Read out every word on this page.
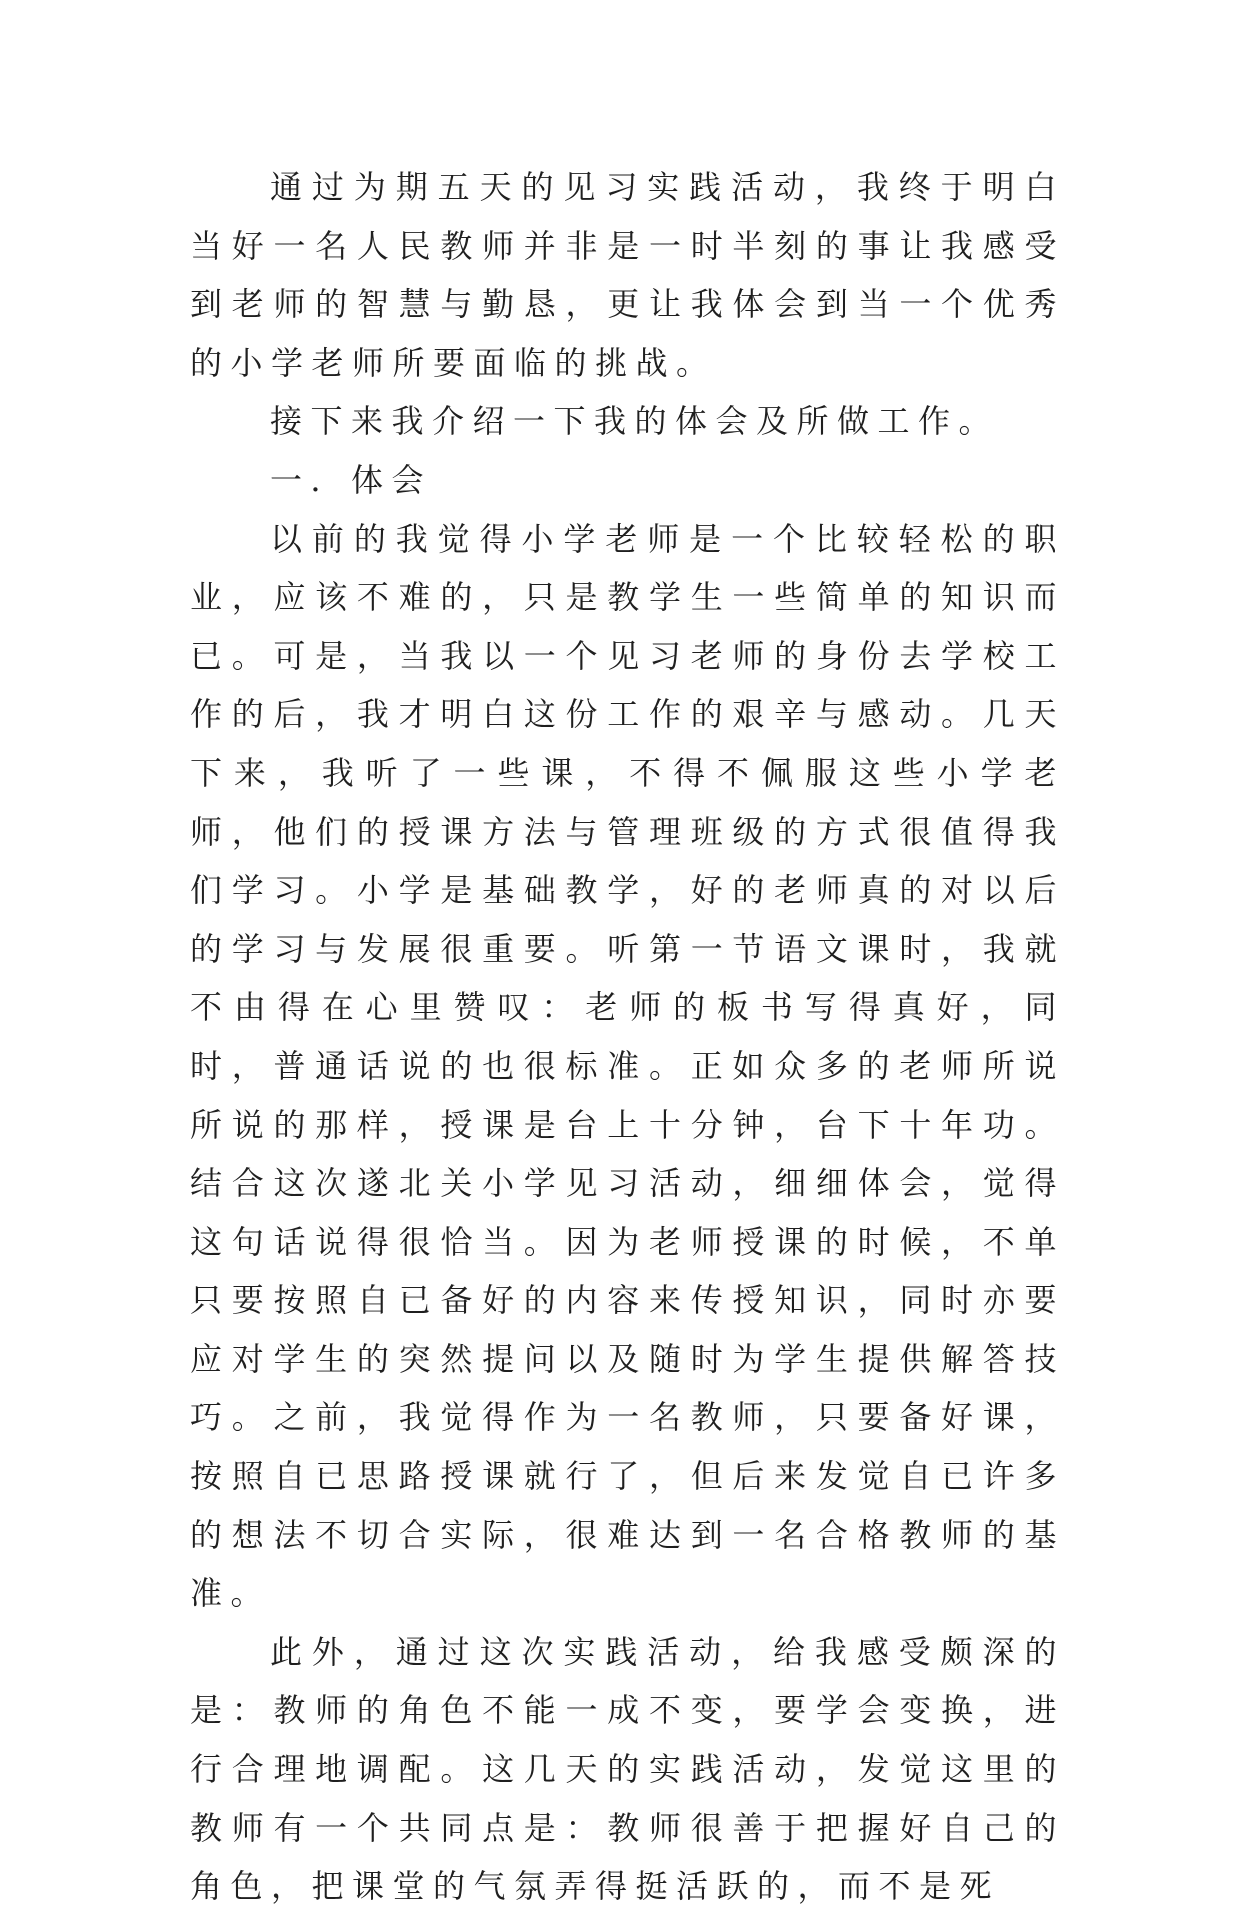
通过为期五天的见习实践活动，我终于明白当好一名人民教师并非是一时半刻的事让我感受到老师的智慧与勤恳，更让我体会到当一个优秀的小学老师所要面临的挑战。

接下来我介绍一下我的体会及所做工作。

一．体会

以前的我觉得小学老师是一个比较轻松的职业，应该不难的，只是教学生一些简单的知识而已。可是，当我以一个见习老师的身份去学校工作的后，我才明白这份工作的艰辛与感动。几天下来，我听了一些课，不得不佩服这些小学老师，他们的授课方法与管理班级的方式很值得我们学习。小学是基础教学，好的老师真的对以后的学习与发展很重要。听第一节语文课时，我就不由得在心里赞叹：老师的板书写得真好，同时，普通话说的也很标准。正如众多的老师所说所说的那样，授课是台上十分钟，台下十年功。结合这次遂北关小学见习活动，细细体会，觉得这句话说得很恰当。因为老师授课的时候，不单只要按照自已备好的内容来传授知识，同时亦要应对学生的突然提问以及随时为学生提供解答技巧。之前，我觉得作为一名教师，只要备好课，按照自已思路授课就行了，但后来发觉自已许多的想法不切合实际，很难达到一名合格教师的基准。

此外，通过这次实践活动，给我感受颇深的是：教师的角色不能一成不变，要学会变换，进行合理地调配。这几天的实践活动，发觉这里的教师有一个共同点是：教师很善于把握好自己的角色，把课堂的气氛弄得挺活跃的，而不是死
